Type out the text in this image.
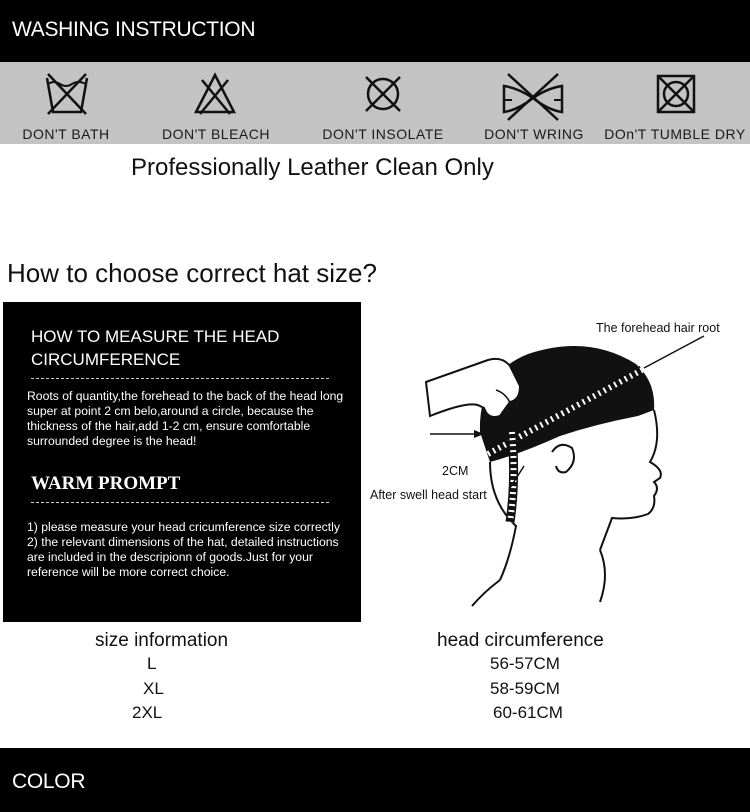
WASHING INSTRUCTION
DON'T BATH	DON'T BLEACH	DON'T INSOLATE	DON'T WRING	DOn'T TUMBLE DRY
Professionally Leather Clean Only
How to choose correct hat size?
HOW TO MEASURE THE HEAD CIRCUMFERENCE
Roots of quantity,the forehead to the back of the head long super at point 2 cm belo,around a circle, because the thickness of the hair,add 1-2 cm, ensure comfortable surrounded degree is the head!
WARM PROMPT
1) please measure your head cricumference size correctly
2) the relevant dimensions of the hat, detailed instructions are included in the descripionn of goods.Just for your reference will be more correct choice.
The forehead hair root
2CM
After swell head start
size information	head circumference
L	56-57CM
XL	58-59CM
2XL	60-61CM
COLOR
